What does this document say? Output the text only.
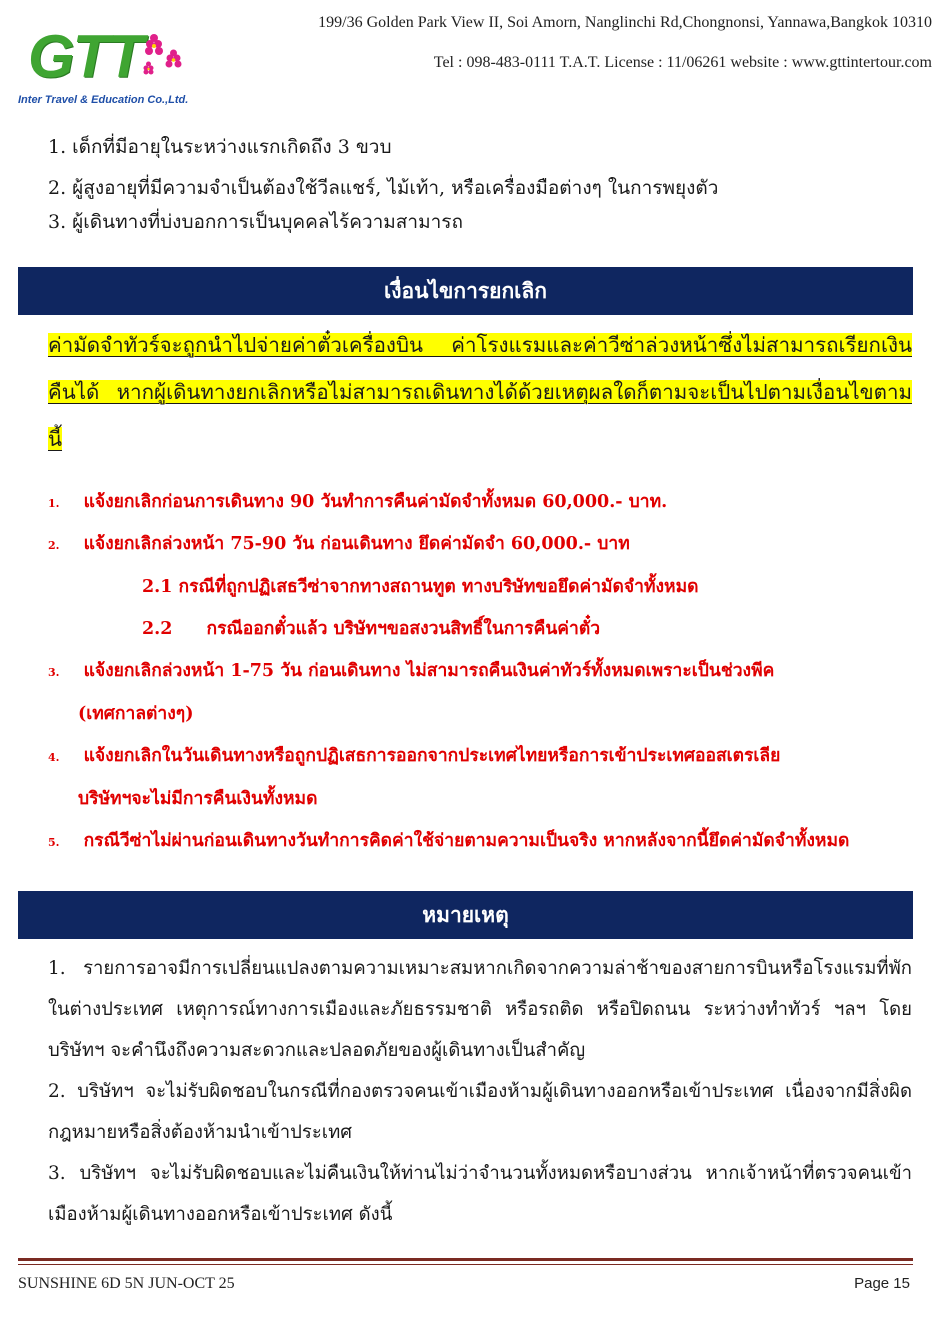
GTT
Inter Travel & Education Co.,Ltd.
199/36 Golden Park View II, Soi Amorn, Nanglinchi Rd,Chongnonsi, Yannawa,Bangkok 10310
Tel : 098-483-0111 T.A.T. License : 11/06261 website : www.gttintertour.com
1. เด็กที่มีอายุในระหว่างแรกเกิดถึง 3 ขวบ
2. ผู้สูงอายุที่มีความจำเป็นต้องใช้วีลแชร์, ไม้เท้า, หรือเครื่องมือต่างๆ ในการพยุงตัว
3. ผู้เดินทางที่บ่งบอกการเป็นบุคคลไร้ความสามารถ
เงื่อนไขการยกเลิก
ค่ามัดจำทัวร์จะถูกนำไปจ่ายค่าตั๋วเครื่องบิน ค่าโรงแรมและค่าวีซ่าล่วงหน้าซึ่งไม่สามารถเรียกเงินคืนได้ หากผู้เดินทางยกเลิกหรือไม่สามารถเดินทางได้ด้วยเหตุผลใดก็ตามจะเป็นไปตามเงื่อนไขตามนี้
1. แจ้งยกเลิกก่อนการเดินทาง 90 วันทำการคืนค่ามัดจำทั้งหมด 60,000.- บาท.
2. แจ้งยกเลิกล่วงหน้า 75-90 วัน ก่อนเดินทาง ยึดค่ามัดจำ 60,000.- บาท
2.1 กรณีที่ถูกปฏิเสธวีซ่าจากทางสถานทูต ทางบริษัทขอยึดค่ามัดจำทั้งหมด
2.2 กรณีออกตั๋วแล้ว บริษัทฯขอสงวนสิทธิ์ในการคืนค่าตั๋ว
3. แจ้งยกเลิกล่วงหน้า 1-75 วัน ก่อนเดินทาง ไม่สามารถคืนเงินค่าทัวร์ทั้งหมดเพราะเป็นช่วงพีค
(เทศกาลต่างๆ)
4. แจ้งยกเลิกในวันเดินทางหรือถูกปฏิเสธการออกจากประเทศไทยหรือการเข้าประเทศออสเตรเลีย
บริษัทฯจะไม่มีการคืนเงินทั้งหมด
5. กรณีวีซ่าไม่ผ่านก่อนเดินทางวันทำการคิดค่าใช้จ่ายตามความเป็นจริง หากหลังจากนี้ยึดค่ามัดจำทั้งหมด
หมายเหตุ
1. รายการอาจมีการเปลี่ยนแปลงตามความเหมาะสมหากเกิดจากความล่าช้าของสายการบินหรือโรงแรมที่พักในต่างประเทศ เหตุการณ์ทางการเมืองและภัยธรรมชาติ หรือรถติด หรือปิดถนน ระหว่างทำทัวร์ ฯลฯ โดยบริษัทฯ จะคำนึงถึงความสะดวกและปลอดภัยของผู้เดินทางเป็นสำคัญ
2. บริษัทฯ จะไม่รับผิดชอบในกรณีที่กองตรวจคนเข้าเมืองห้ามผู้เดินทางออกหรือเข้าประเทศ เนื่องจากมีสิ่งผิดกฎหมายหรือสิ่งต้องห้ามนำเข้าประเทศ
3. บริษัทฯ จะไม่รับผิดชอบและไม่คืนเงินให้ท่านไม่ว่าจำนวนทั้งหมดหรือบางส่วน หากเจ้าหน้าที่ตรวจคนเข้าเมืองห้ามผู้เดินทางออกหรือเข้าประเทศ ดังนี้
SUNSHINE 6D 5N JUN-OCT 25	Page 15
